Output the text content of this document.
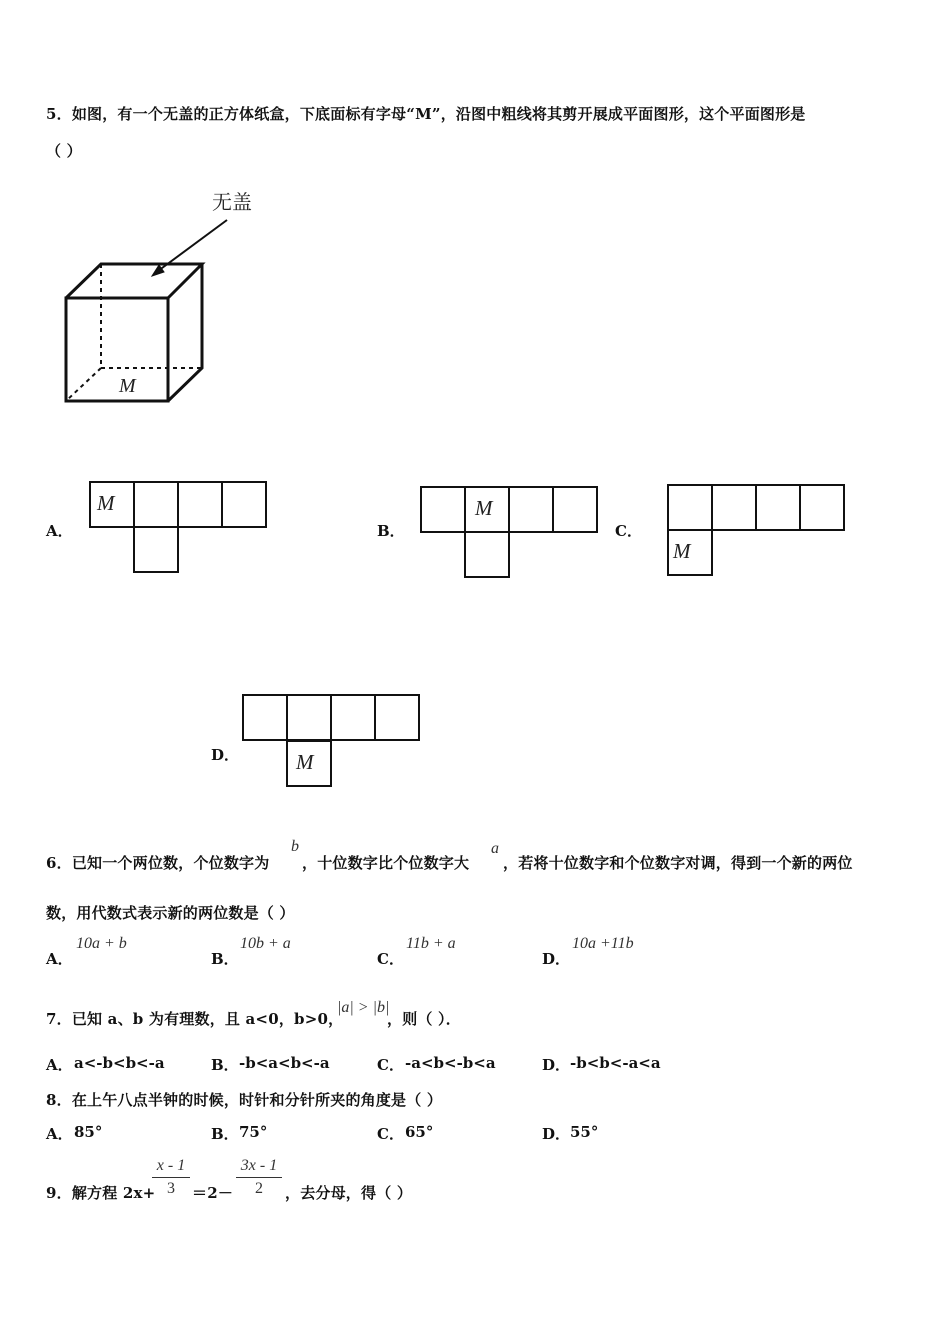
5．如图，有一个无盖的正方体纸盒，下底面标有字母“M”，沿图中粗线将其剪开展成平面图形，这个平面图形是
（ ）
无盖
M
A．
M
B．
M
C．
M
D．	M
6．已知一个两位数，个位数字为
b
，十位数字比个位数字大
a
，若将十位数字和个位数字对调，得到一个新的两位
数，用代数式表示新的两位数是（ ）
A．
10a + b
B．
10b + a
C．
11b + a
D．
10a +11b
7．已知 a、b 为有理数，且 a<0，b>0，
|a| > |b|
，则（ ）．
A． a<-b<b<-a	B． -b<a<b<-a	C． -a<b<-b<a	D． -b<b<-a<a
8．在上午八点半钟的时候，时针和分针所夹的角度是（ ）
A． 85°	B． 75°	C． 65°	D． 55°
9．解方程 2x+
x - 1
3	＝2－
3x - 1
2	，去分母，得（ ）
